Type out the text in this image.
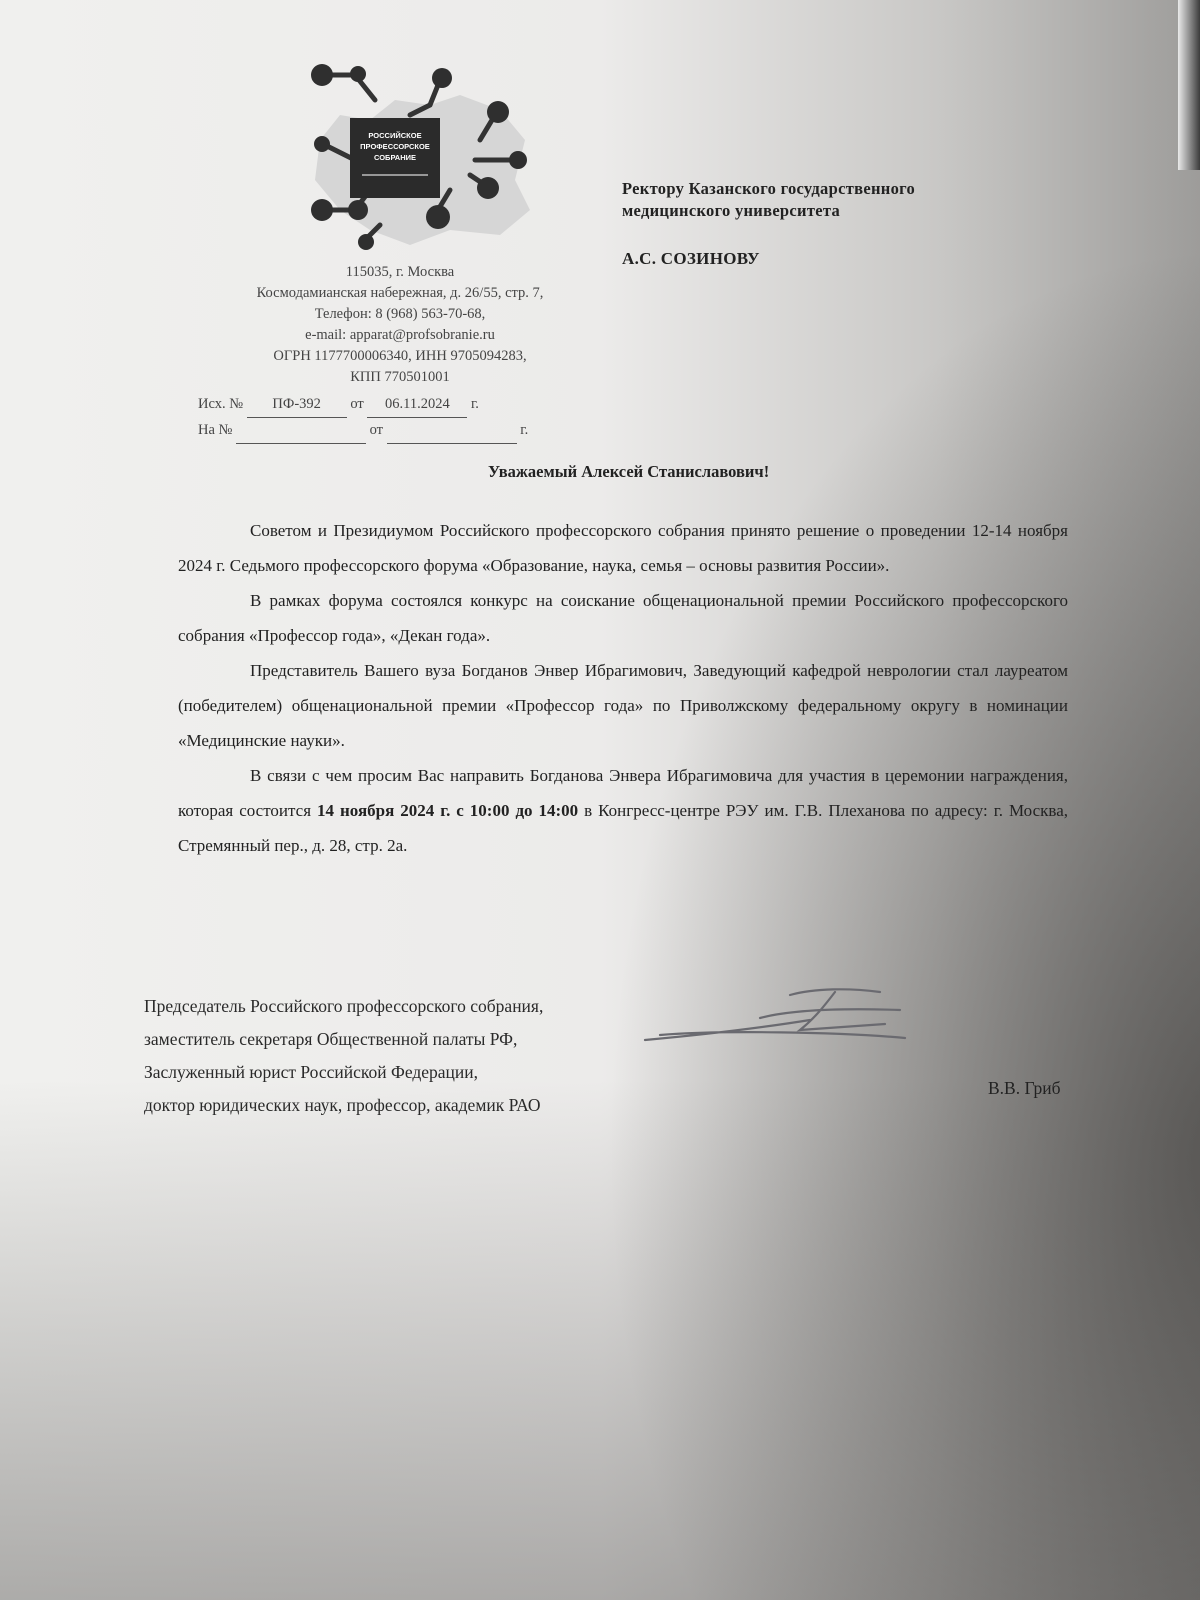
РОССИЙСКОЕ
ПРОФЕССОРСКОЕ
СОБРАНИЕ
115035, г. Москва
Космодамианская набережная, д. 26/55, стр. 7,
Телефон: 8 (968) 563-70-68,
e-mail: apparat@profsobranie.ru
ОГРН 1177700006340, ИНН 9705094283,
КПП 770501001
Исх. № ПФ-392 от 06.11.2024 г.
На №	от	г.
Ректору Казанского государственного
медицинского университета
А.С. СОЗИНОВУ
Уважаемый Алексей Станиславович!

Советом и Президиумом Российского профессорского собрания принято решение о проведении 12-14 ноября 2024 г. Седьмого профессорского форума «Образование, наука, семья – основы развития России».

В рамках форума состоялся конкурс на соискание общенациональной премии Российского профессорского собрания «Профессор года», «Декан года».

Представитель Вашего вуза Богданов Энвер Ибрагимович, Заведующий кафедрой неврологии стал лауреатом (победителем) общенациональной премии «Профессор года» по Приволжскому федеральному округу в номинации «Медицинские науки».

В связи с чем просим Вас направить Богданова Энвера Ибрагимовича для участия в церемонии награждения, которая состоится 14 ноября 2024 г. с 10:00 до 14:00 в Конгресс-центре РЭУ им. Г.В. Плеханова по адресу: г. Москва, Стремянный пер., д. 28, стр. 2а.

Председатель Российского профессорского собрания,
заместитель секретаря Общественной палаты РФ,
Заслуженный юрист Российской Федерации,
доктор юридических наук, профессор, академик РАО
В.В. Гриб
